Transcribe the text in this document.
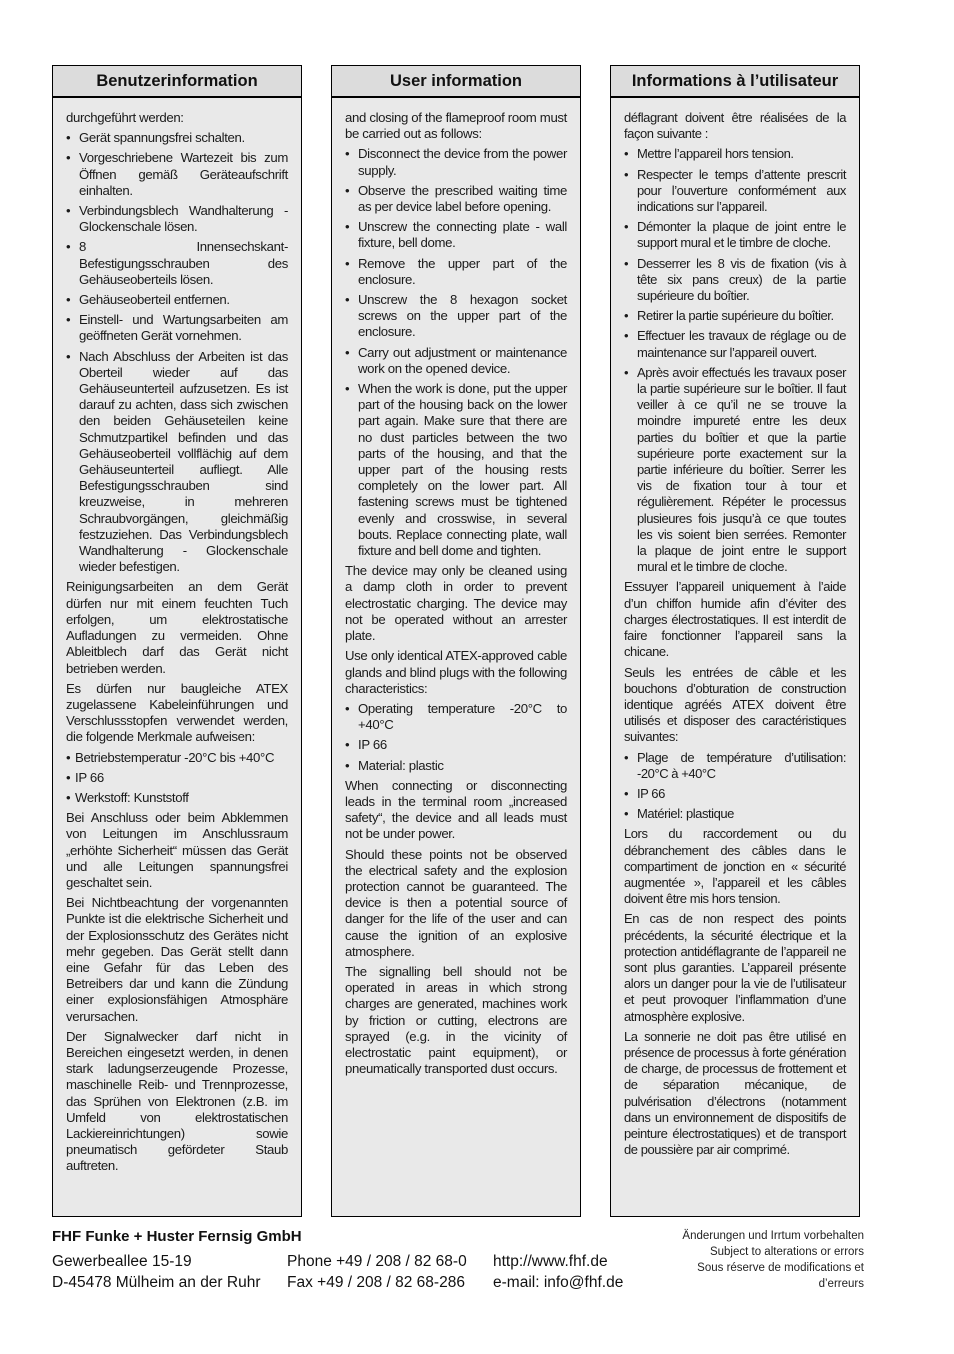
Benutzerinformation

durchgeführt werden:

• Gerät spannungsfrei schalten.
• Vorgeschriebene Wartezeit bis zum Öffnen gemäß Geräteaufschrift einhalten.
• Verbindungsblech Wandhalterung - Glockenschale lösen.
• 8 Innensechskant-Befestigungsschrauben des Gehäuseoberteils lösen.
• Gehäuseoberteil entfernen.
• Einstell- und Wartungsarbeiten am geöffneten Gerät vornehmen.
• Nach Abschluss der Arbeiten ist das Oberteil wieder auf das Gehäuseunterteil aufzusetzen. Es ist darauf zu achten, dass sich zwischen den beiden Gehäuseteilen keine Schmutzpartikel befinden und das Gehäuseoberteil vollflächig auf dem Gehäuseunterteil aufliegt. Alle Befestigungsschrauben sind kreuzweise, in mehreren Schraubvorgängen, gleichmäßig festzuziehen. Das Verbindungsblech Wandhalterung - Glockenschale wieder befestigen.

Reinigungsarbeiten an dem Gerät dürfen nur mit einem feuchten Tuch erfolgen, um elektrostatische Aufladungen zu vermeiden. Ohne Ableitblech darf das Gerät nicht betrieben werden.

Es dürfen nur baugleiche ATEX zugelassene Kabeleinführungen und Verschlussstopfen verwendet werden, die folgende Merkmale aufweisen:

• Betriebstemperatur -20°C bis +40°C
• IP 66
• Werkstoff: Kunststoff

Bei Anschluss oder beim Abklemmen von Leitungen im Anschlussraum „erhöhte Sicherheit“ müssen das Gerät und alle Leitungen spannungsfrei geschaltet sein.

Bei Nichtbeachtung der vorgenannten Punkte ist die elektrische Sicherheit und der Explosionsschutz des Gerätes nicht mehr gegeben. Das Gerät stellt dann eine Gefahr für das Leben des Betreibers dar und kann die Zündung einer explosionsfähigen Atmosphäre verursachen.

Der Signalwecker darf nicht in Bereichen eingesetzt werden, in denen stark ladungserzeugende Prozesse, maschinelle Reib- und Trennprozesse, das Sprühen von Elektronen (z.B. im Umfeld von elektrostatischen Lackiereinrichtungen) sowie pneumatisch gefördeter Staub auftreten.

User information

and closing of the flameproof room must be carried out as follows:

• Disconnect the device from the power supply.
• Observe the prescribed waiting time as per device label before opening.
• Unscrew the connecting plate - wall fixture, bell dome.
• Remove the upper part of the enclosure.
• Unscrew the 8 hexagon socket screws on the upper part of the enclosure.
• Carry out adjustment or maintenance work on the opened device.
• When the work is done, put the upper part of the housing back on the lower part again. Make sure that there are no dust particles between the two parts of the housing, and that the upper part of the housing rests completely on the lower part. All fastening screws must be tightened evenly and crosswise, in several bouts. Replace connecting plate, wall fixture and bell dome and tighten.

The device may only be cleaned using a damp cloth in order to prevent electrostatic charging. The device may not be operated without an arrester plate.

Use only identical ATEX-approved cable glands and blind plugs with the following characteristics:

• Operating temperature -20°C to +40°C
• IP 66
• Material: plastic

When connecting or disconnecting leads in the terminal room „increased safety“, the device and all leads must not be under power.

Should these points not be observed the electrical safety and the explosion protection cannot be guaranteed. The device is then a potential source of danger for the life of the user and can cause the ignition of an explosive atmosphere.

The signalling bell should not be operated in areas in which strong charges are generated, machines work by friction or cutting, electrons are sprayed (e.g. in the vicinity of electrostatic paint equipment), or pneumatically transported dust occurs.

Informations à l’utilisateur

déflagrant doivent être réalisées de la façon suivante :

• Mettre l’appareil hors tension.
• Respecter le temps d’attente prescrit pour l’ouverture conformément aux indications sur l’appareil.
• Démonter la plaque de joint entre le support mural et le timbre de cloche.
• Desserrer les 8 vis de fixation (vis à tête six pans creux) de la partie supérieure du boîtier.
• Retirer la partie supérieure du boîtier.
• Effectuer les travaux de réglage ou de maintenance sur l’appareil ouvert.
• Après avoir effectués les travaux poser la partie supérieure sur le boîtier. Il faut veiller à ce qu’il ne se trouve la moindre impureté entre les deux parties du boîtier et que la partie supérieure porte exactement sur la partie inférieure du boîtier. Serrer les vis de fixation tour à tour et régulièrement. Répéter le processus plusieures fois jusqu’à ce que toutes les vis soient bien serrées. Remonter la plaque de joint entre le support mural et le timbre de cloche.

Essuyer l’appareil uniquement à l’aide d’un chiffon humide afin d’éviter des charges électrostatiques. Il est interdit de faire fonctionner l’appareil sans la chicane.

Seuls les entrées de câble et les bouchons d’obturation de construction identique agréés ATEX doivent être utilisés et disposer des caractéristiques suivantes:

• Plage de température d’utilisation: -20°C à +40°C
• IP 66
• Matériel: plastique

Lors du raccordement ou du débranchement des câbles dans le compartiment de jonction en « sécurité augmentée », l’appareil et les câbles doivent être mis hors tension.

En cas de non respect des points précédents, la sécurité électrique et la protection antidéflagrante de l’appareil ne sont plus garanties. L’appareil présente alors un danger pour la vie de l’utilisateur et peut provoquer l’inflammation d’une atmosphère explosive.

La sonnerie ne doit pas être utilisé en présence de processus à forte génération de charge, de processus de frottement et de séparation mécanique, de pulvérisation d’électrons (notamment dans un environnement de dispositifs de peinture électrostatiques) et de transport de poussière par air comprimé.

FHF Funke + Huster Fernsig GmbH
Gewerbeallee 15-19
D-45478 Mülheim an der Ruhr
Phone +49 / 208 / 82 68-0
Fax +49 / 208 / 82 68-286
http://www.fhf.de
e-mail: info@fhf.de
Änderungen und Irrtum vorbehalten
Subject to alterations or errors
Sous réserve de modifications et
d’erreurs
